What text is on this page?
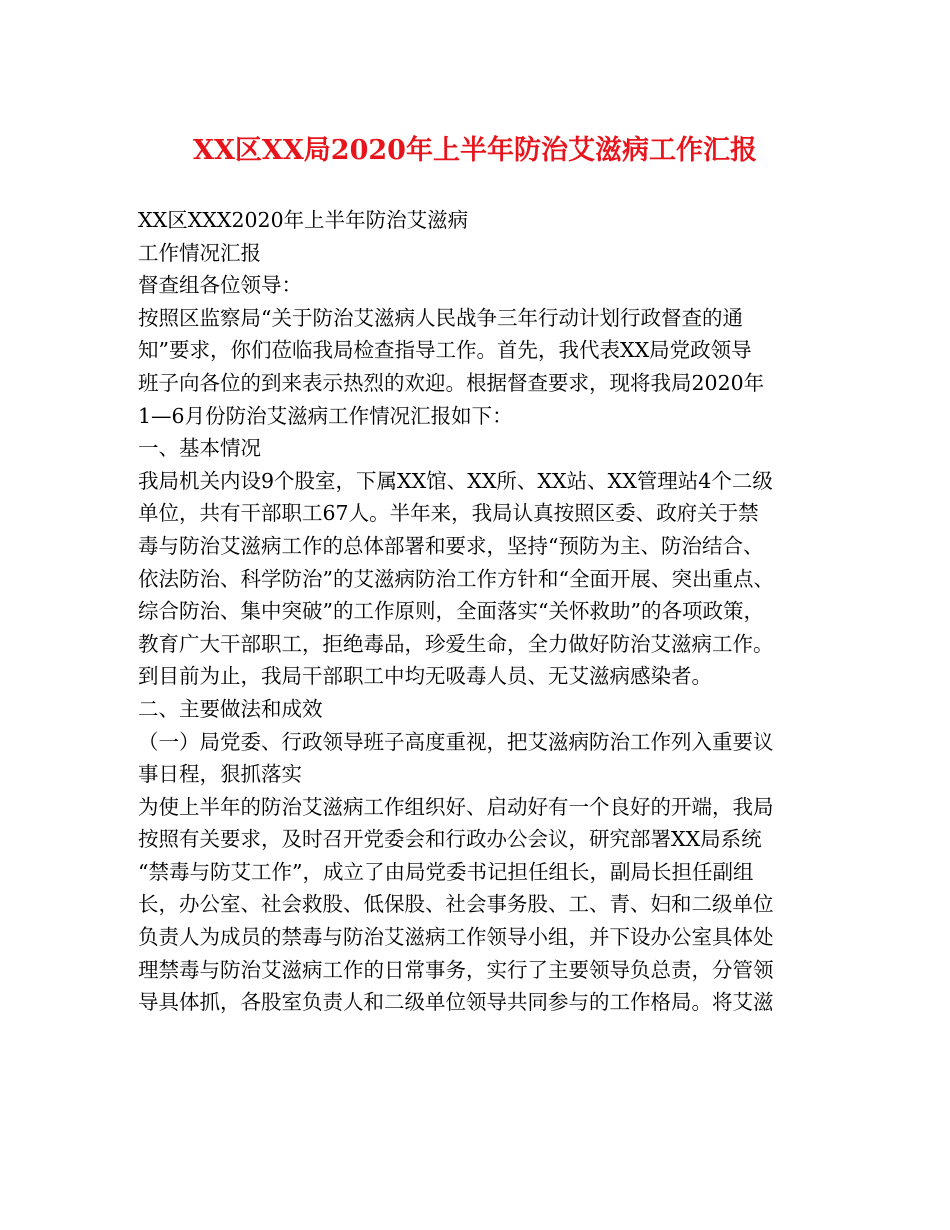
XX区XX局2020年上半年防治艾滋病工作汇报
XX区XXX2020年上半年防治艾滋病
工作情况汇报
督查组各位领导：
按照区监察局“关于防治艾滋病人民战争三年行动计划行政督查的通
知”要求，你们莅临我局检查指导工作。首先，我代表XX局党政领导
班子向各位的到来表示热烈的欢迎。根据督查要求，现将我局2020年
1—6月份防治艾滋病工作情况汇报如下：
一、基本情况
我局机关内设9个股室，下属XX馆、XX所、XX站、XX管理站4个二级
单位，共有干部职工67人。半年来，我局认真按照区委、政府关于禁
毒与防治艾滋病工作的总体部署和要求，坚持“预防为主、防治结合、
依法防治、科学防治”的艾滋病防治工作方针和“全面开展、突出重点、
综合防治、集中突破”的工作原则，全面落实“关怀救助”的各项政策，
教育广大干部职工，拒绝毒品，珍爱生命，全力做好防治艾滋病工作。
到目前为止，我局干部职工中均无吸毒人员、无艾滋病感染者。
二、主要做法和成效
（一）局党委、行政领导班子高度重视，把艾滋病防治工作列入重要议
事日程，狠抓落实
为使上半年的防治艾滋病工作组织好、启动好有一个良好的开端，我局
按照有关要求，及时召开党委会和行政办公会议，研究部署XX局系统
“禁毒与防艾工作”，成立了由局党委书记担任组长，副局长担任副组
长，办公室、社会救股、低保股、社会事务股、工、青、妇和二级单位
负责人为成员的禁毒与防治艾滋病工作领导小组，并下设办公室具体处
理禁毒与防治艾滋病工作的日常事务，实行了主要领导负总责，分管领
导具体抓，各股室负责人和二级单位领导共同参与的工作格局。将艾滋
